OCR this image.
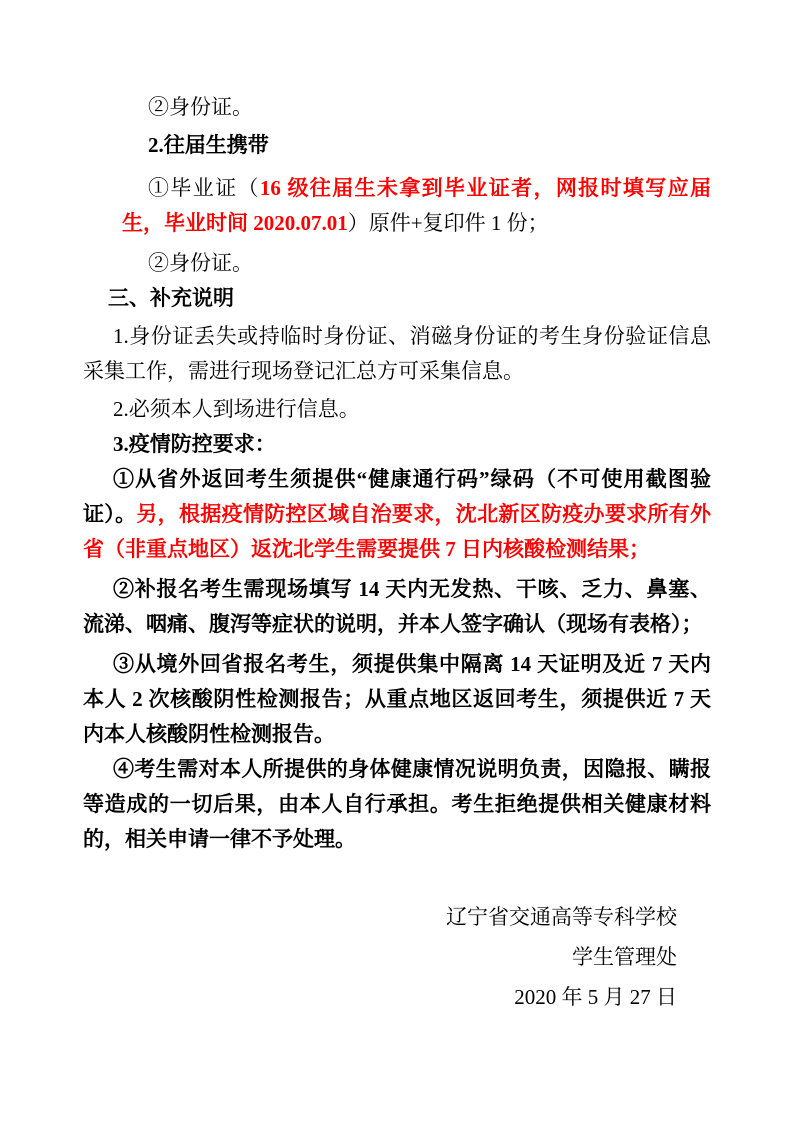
②身份证。

2.往届生携带

①毕业证（16 级往届生未拿到毕业证者，网报时填写应届生，毕业时间 2020.07.01）原件+复印件 1 份；

②身份证。

三、补充说明

1.身份证丢失或持临时身份证、消磁身份证的考生身份验证信息采集工作，需进行现场登记汇总方可采集信息。

2.必须本人到场进行信息。

3.疫情防控要求：

①从省外返回考生须提供“健康通行码”绿码（不可使用截图验证）。另，根据疫情防控区域自治要求，沈北新区防疫办要求所有外省（非重点地区）返沈北学生需要提供 7 日内核酸检测结果；

②补报名考生需现场填写 14 天内无发热、干咳、乏力、鼻塞、流涕、咽痛、腹泻等症状的说明，并本人签字确认（现场有表格）；

③从境外回省报名考生，须提供集中隔离 14 天证明及近 7 天内本人 2 次核酸阴性检测报告；从重点地区返回考生，须提供近 7 天内本人核酸阴性检测报告。

④考生需对本人所提供的身体健康情况说明负责，因隐报、瞒报等造成的一切后果，由本人自行承担。考生拒绝提供相关健康材料的，相关申请一律不予处理。

辽宁省交通高等专科学校
学生管理处
2020 年 5 月 27 日
